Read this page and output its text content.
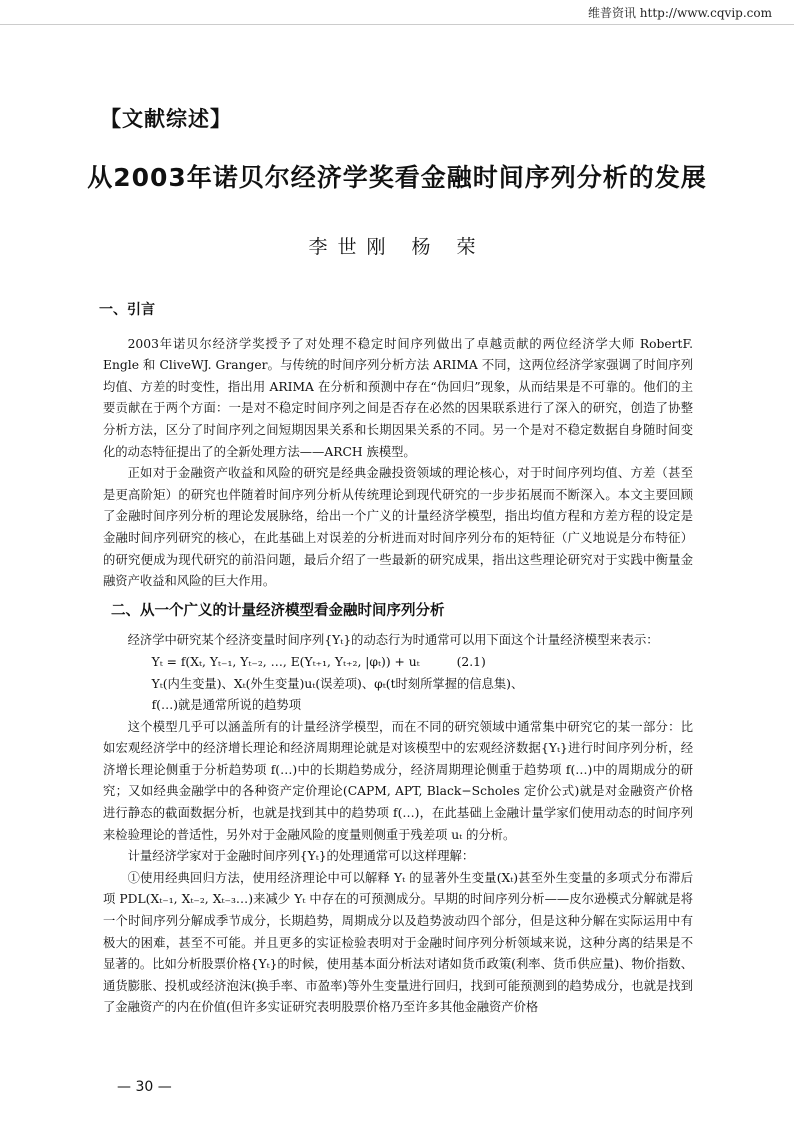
维普资讯 http://www.cqvip.com
【文献综述】
从2003年诺贝尔经济学奖看金融时间序列分析的发展
李世刚 杨 荣
一、引言

2003年诺贝尔经济学奖授予了对处理不稳定时间序列做出了卓越贡献的两位经济学大师 RobertF. Engle 和 CliveWJ. Granger。与传统的时间序列分析方法 ARIMA 不同，这两位经济学家强调了时间序列均值、方差的时变性，指出用 ARIMA 在分析和预测中存在“伪回归”现象，从而结果是不可靠的。他们的主要贡献在于两个方面：一是对不稳定时间序列之间是否存在必然的因果联系进行了深入的研究，创造了协整分析方法，区分了时间序列之间短期因果关系和长期因果关系的不同。另一个是对不稳定数据自身随时间变化的动态特征提出了的全新处理方法——ARCH 族模型。

正如对于金融资产收益和风险的研究是经典金融投资领域的理论核心，对于时间序列均值、方差（甚至是更高阶矩）的研究也伴随着时间序列分析从传统理论到现代研究的一步步拓展而不断深入。本文主要回顾了金融时间序列分析的理论发展脉络，给出一个广义的计量经济学模型，指出均值方程和方差方程的设定是金融时间序列研究的核心，在此基础上对误差的分析进而对时间序列分布的矩特征（广义地说是分布特征）的研究便成为现代研究的前沿问题，最后介绍了一些最新的研究成果，指出这些理论研究对于实践中衡量金融资产收益和风险的巨大作用。

二、从一个广义的计量经济模型看金融时间序列分析

经济学中研究某个经济变量时间序列{Yₜ}的动态行为时通常可以用下面这个计量经济模型来表示：

Yₜ = f(Xₜ, Yₜ₋₁, Yₜ₋₂, …, E(Yₜ₊₁, Yₜ₊₂, |φₜ)) + uₜ　　　(2.1)

Yₜ(内生变量)、Xₜ(外生变量)uₜ(误差项)、φₜ(t时刻所掌握的信息集)、

f(…)就是通常所说的趋势项

这个模型几乎可以涵盖所有的计量经济学模型，而在不同的研究领域中通常集中研究它的某一部分：比如宏观经济学中的经济增长理论和经济周期理论就是对该模型中的宏观经济数据{Yₜ}进行时间序列分析，经济增长理论侧重于分析趋势项 f(…)中的长期趋势成分，经济周期理论侧重于趋势项 f(…)中的周期成分的研究；又如经典金融学中的各种资产定价理论(CAPM, APT, Black−Scholes 定价公式)就是对金融资产价格进行静态的截面数据分析，也就是找到其中的趋势项 f(…)，在此基础上金融计量学家们使用动态的时间序列来检验理论的普适性，另外对于金融风险的度量则侧重于残差项 uₜ 的分析。

计量经济学家对于金融时间序列{Yₜ}的处理通常可以这样理解：

①使用经典回归方法，使用经济理论中可以解释 Yₜ 的显著外生变量(Xₜ)甚至外生变量的多项式分布滞后项 PDL(Xₜ₋₁, Xₜ₋₂, Xₜ₋₃…)来减少 Yₜ 中存在的可预测成分。早期的时间序列分析——皮尔逊模式分解就是将一个时间序列分解成季节成分，长期趋势，周期成分以及趋势波动四个部分，但是这种分解在实际运用中有极大的困难，甚至不可能。并且更多的实证检验表明对于金融时间序列分析领域来说，这种分离的结果是不显著的。比如分析股票价格{Yₜ}的时候，使用基本面分析法对诸如货币政策(利率、货币供应量)、物价指数、通货膨胀、投机或经济泡沫(换手率、市盈率)等外生变量进行回归，找到可能预测到的趋势成分，也就是找到了金融资产的内在价值(但许多实证研究表明股票价格乃至许多其他金融资产价格

— 30 —
